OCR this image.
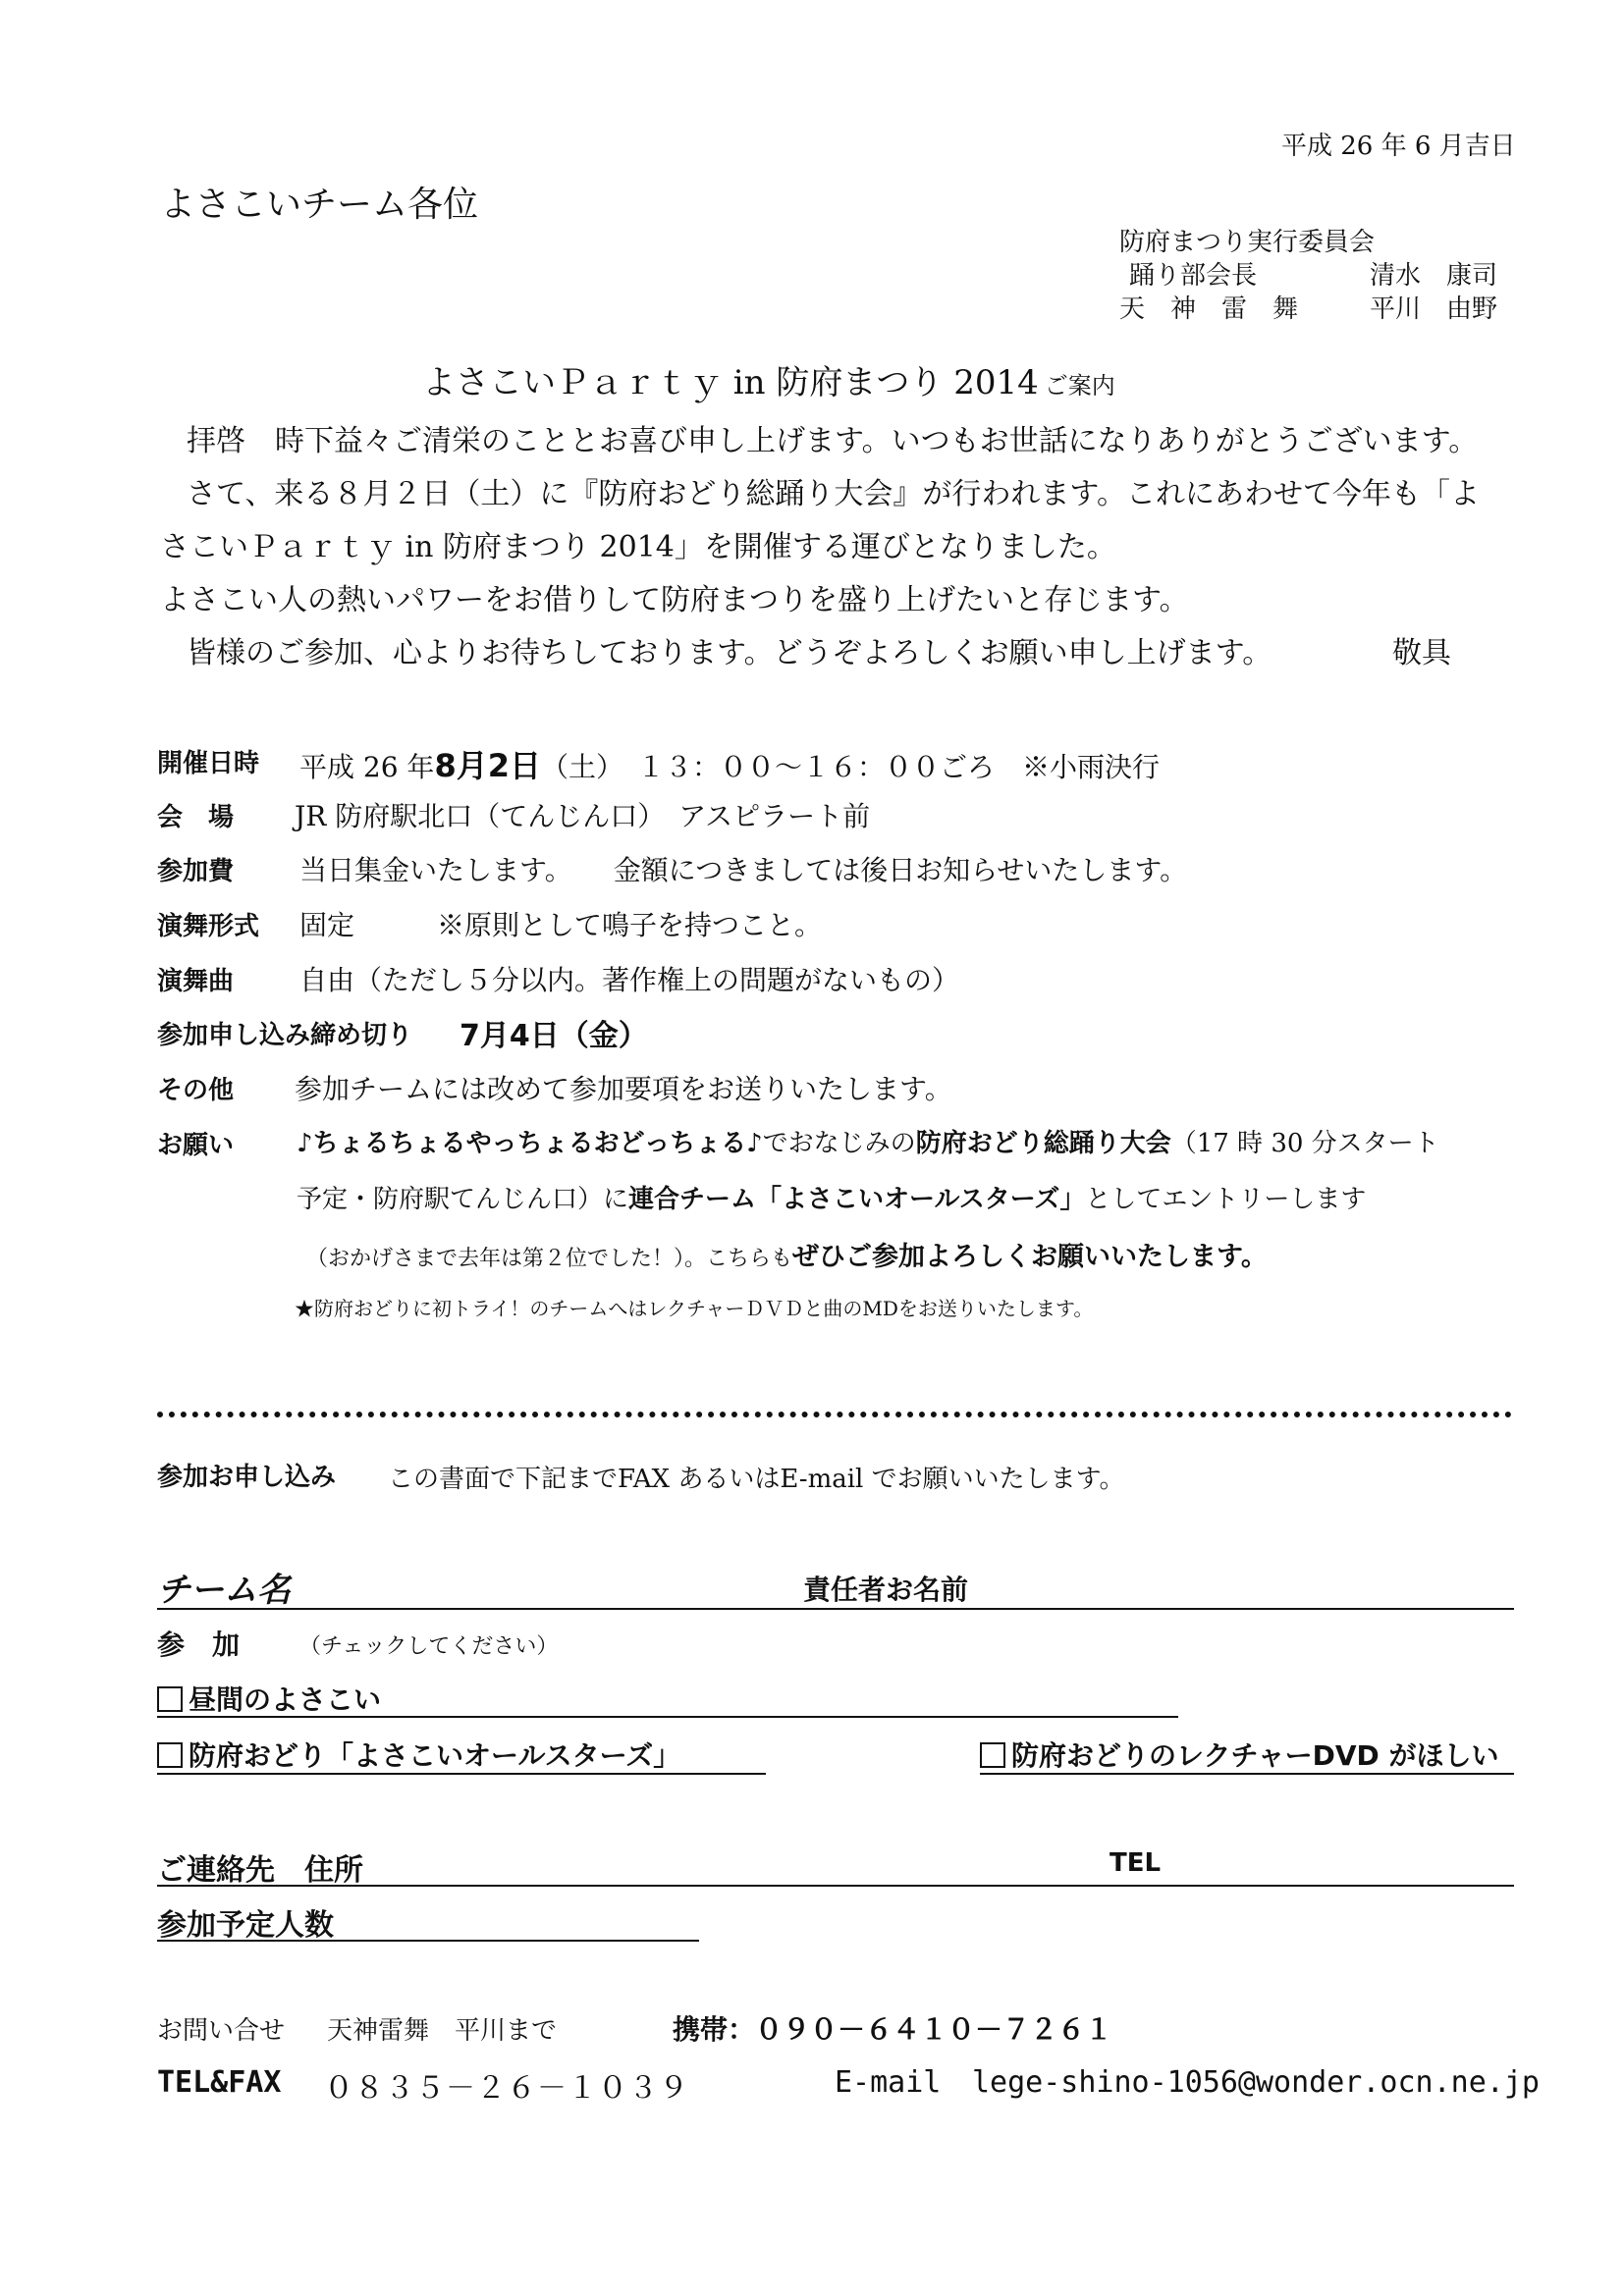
平成 26 年 6 月吉日
よさこいチーム各位
防府まつり実行委員会
踊り部会長	清水　康司
天　神　雷　舞	平川　由野
よさこいＰａｒｔｙ in 防府まつり 2014 ご案内
拝啓　時下益々ご清栄のこととお喜び申し上げます。いつもお世話になりありがとうございます。
さて、来る８月２日（土）に『防府おどり総踊り大会』が行われます。これにあわせて今年も「よ
さこいＰａｒｔｙ in 防府まつり 2014」を開催する運びとなりました。
よさこい人の熱いパワーをお借りして防府まつりを盛り上げたいと存じます。
皆様のご参加、心よりお待ちしております。どうぞよろしくお願い申し上げます。	敬具
開催日時 平成 26 年8月2日（土）　１３：００～１６：００ごろ　※小雨決行
会　場 JR 防府駅北口（てんじん口）　アスピラート前
参加費 当日集金いたします。　　金額につきましては後日お知らせいたします。
演舞形式 固定　　　※原則として鳴子を持つこと。
演舞曲 自由（ただし５分以内。著作権上の問題がないもの）
参加申し込み締め切り 7月4日（金）
その他 参加チームには改めて参加要項をお送りいたします。
お願い ♪ちょるちょるやっちょるおどっちょる♪でおなじみの防府おどり総踊り大会（17 時 30 分スタート
予定・防府駅てんじん口）に連合チーム「よさこいオールスターズ」としてエントリーします
（おかげさまで去年は第２位でした！）。こちらもぜひご参加よろしくお願いいたします。
★防府おどりに初トライ！のチームへはレクチャーＤＶＤと曲のMDをお送りいたします。
参加お申し込み この書面で下記までFAX あるいはE-mail でお願いいたします。
チーム名	責任者お名前
参　加	（チェックしてください）
昼間のよさこい
防府おどり「よさこいオールスターズ」	防府おどりのレクチャーDVD がほしい
ご連絡先　住所	TEL
参加予定人数
お問い合せ 天神雷舞　平川まで	携帯：０９０－６４１０－７２６１
TEL&FAX ０８３５－２６－１０３９	E-mail lege-shino-1056@wonder.ocn.ne.jp
